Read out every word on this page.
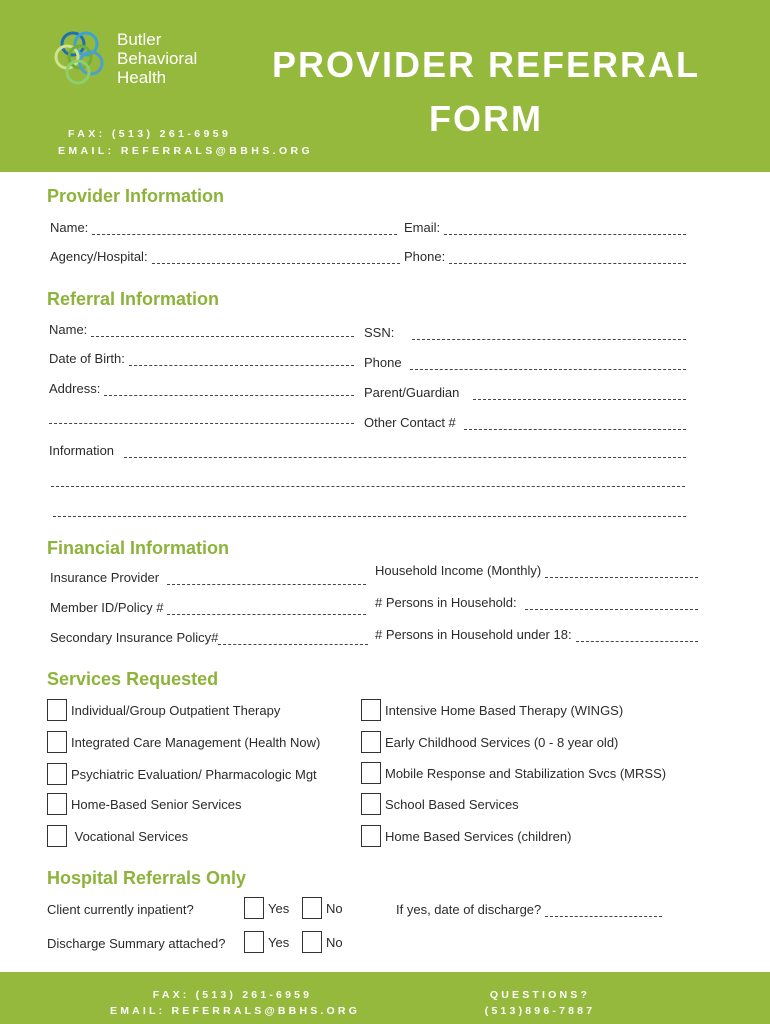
Butler
Behavioral
Health	PROVIDER REFERRAL
FORM
FAX: (513) 261-6959
EMAIL: REFERRALS@BBHS.ORG
Provider Information
Name:	Email:
Agency/Hospital:	Phone:
Referral Information
Name:	SSN:
Date of Birth:	Phone
Address:	Parent/Guardian
Other Contact #
Information
Financial Information
Insurance Provider	Household Income (Monthly)
Member ID/Policy #	# Persons in Household:
Secondary Insurance Policy#	# Persons in Household under 18:
Services Requested
Individual/Group Outpatient Therapy
Integrated Care Management (Health Now)
Psychiatric Evaluation/ Pharmacologic Mgt
Home-Based Senior Services
Vocational Services
Intensive Home Based Therapy (WINGS)
Early Childhood Services (0 - 8 year old)
Mobile Response and Stabilization Svcs (MRSS)
School Based Services
Home Based Services (children)
Hospital Referrals Only
Client currently inpatient?	Yes	No	If yes, date of discharge?
Discharge Summary attached?	Yes	No
FAX: (513) 261-6959
EMAIL: REFERRALS@BBHS.ORG
QUESTIONS?
(513)896-7887
